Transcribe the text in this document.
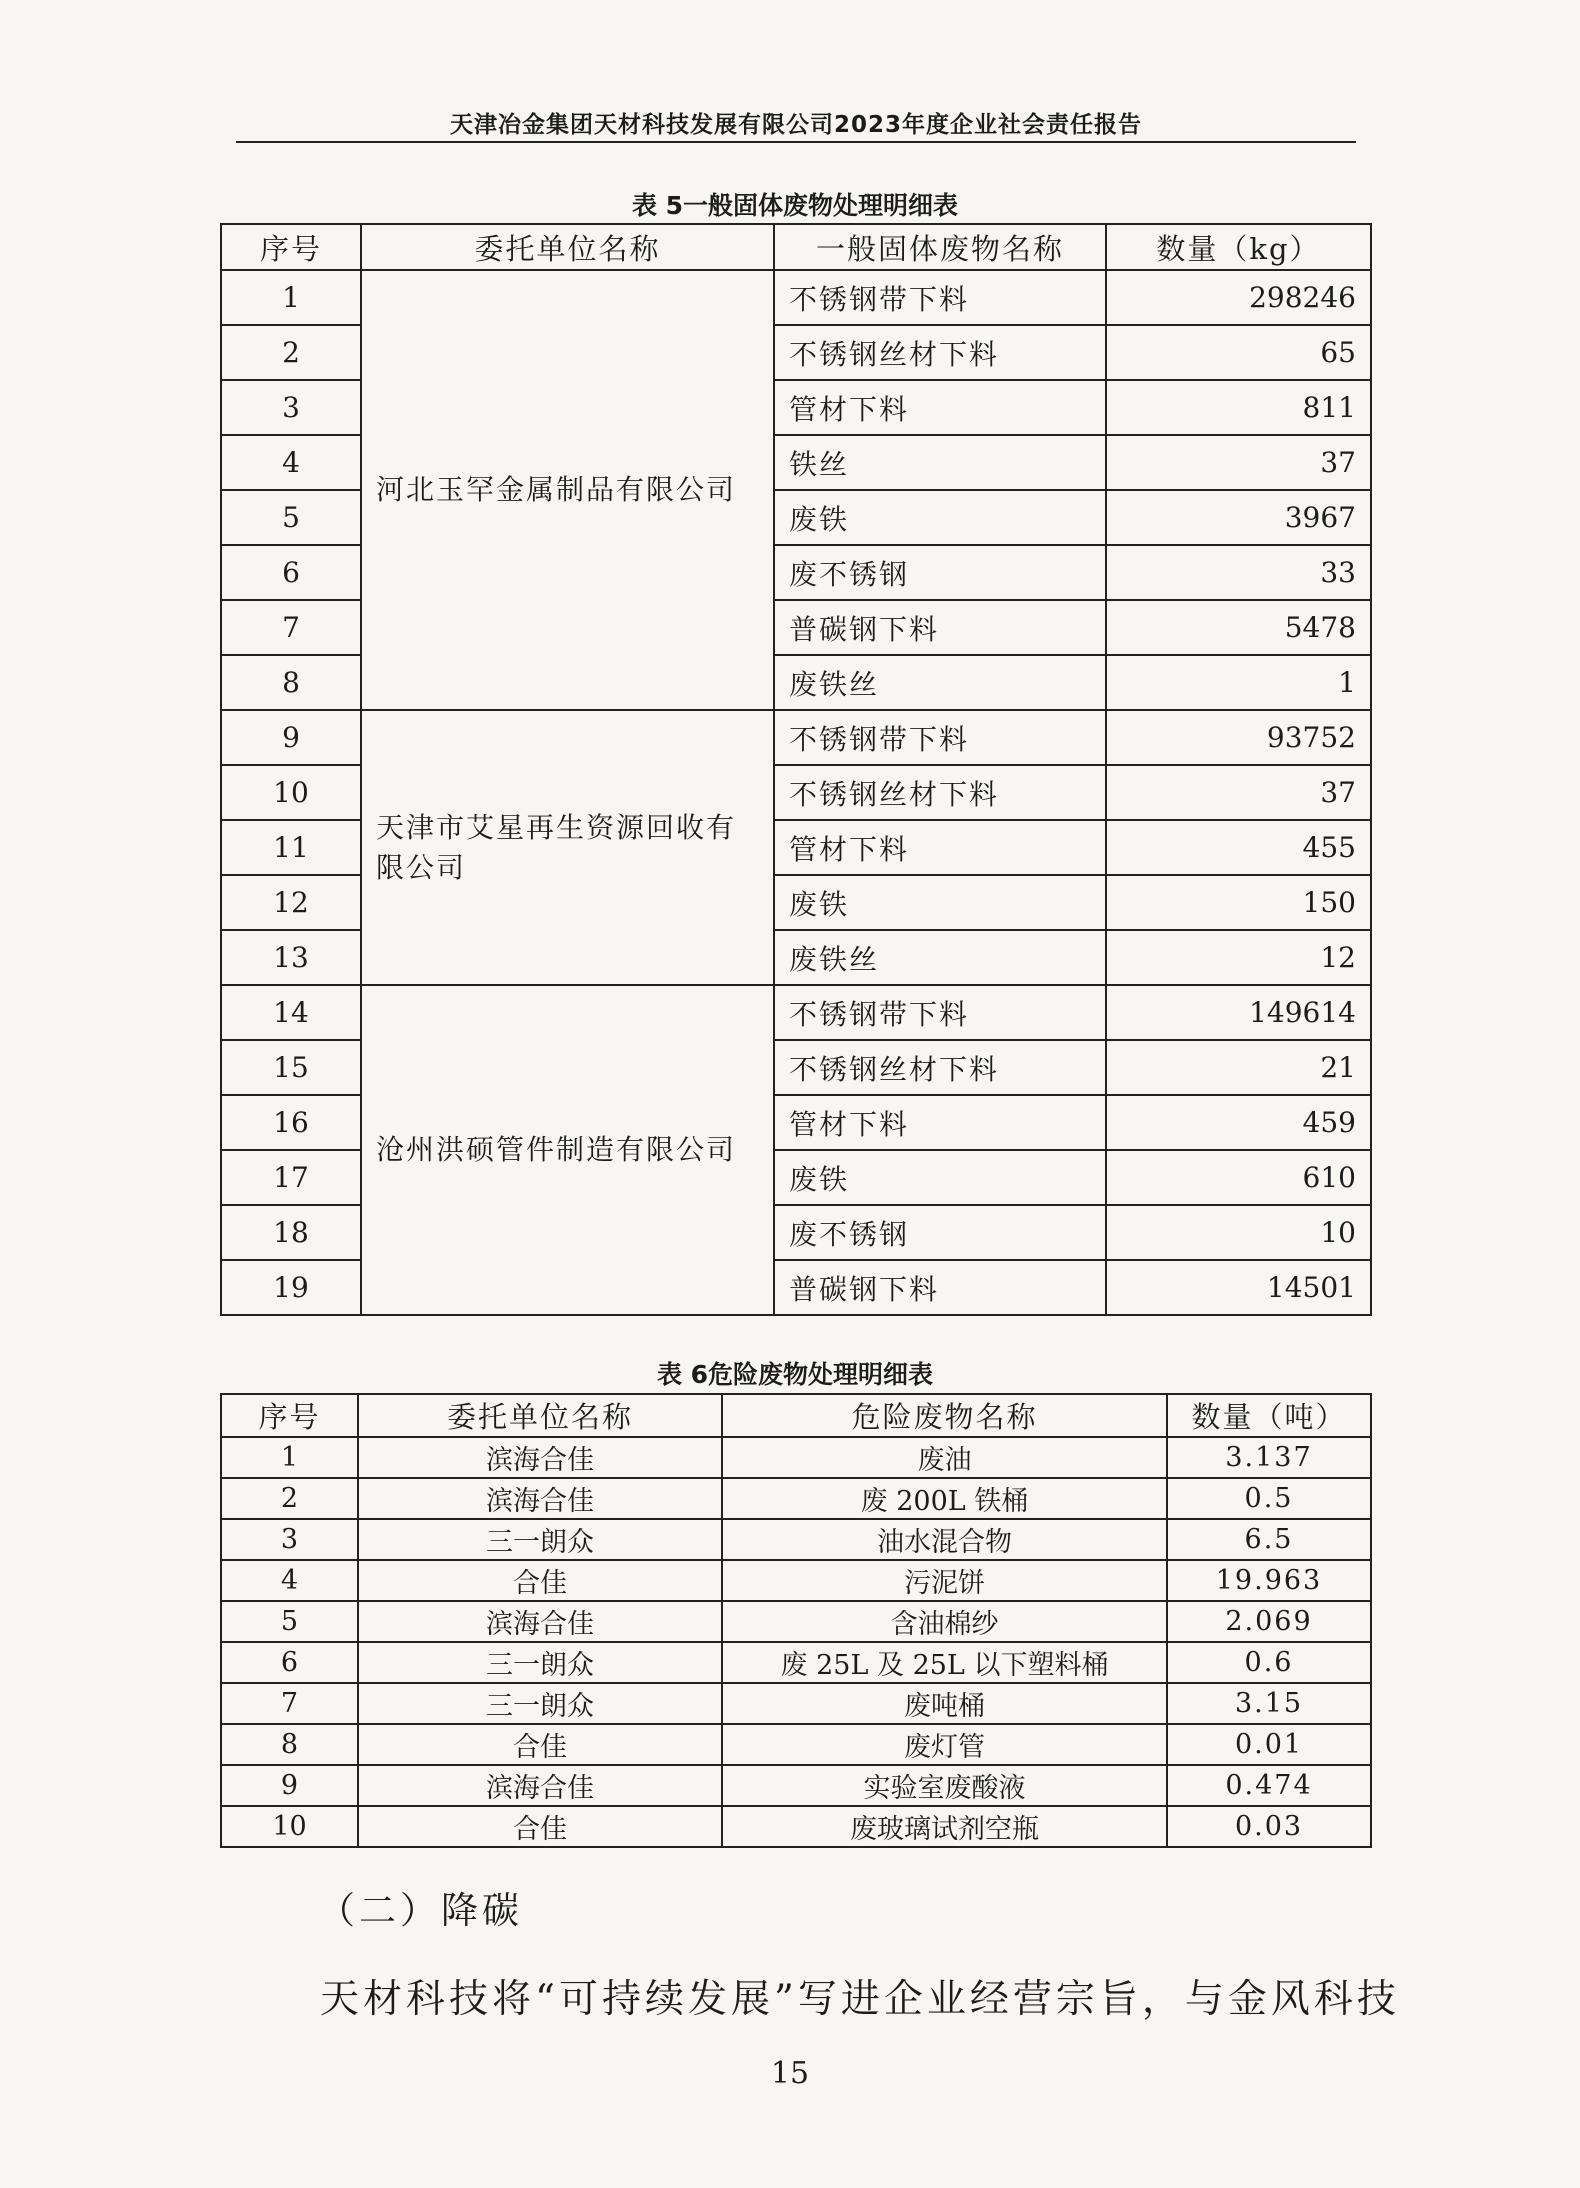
天津冶金集团天材科技发展有限公司2023年度企业社会责任报告
表 5一般固体废物处理明细表
序号	委托单位名称	一般固体废物名称	数量（kg）
1	河北玉罕金属制品有限公司	不锈钢带下料	298246
2		不锈钢丝材下料	65
3		管材下料	811
4		铁丝	37
5		废铁	3967
6		废不锈钢	33
7		普碳钢下料	5478
8		废铁丝	1
9	天津市艾星再生资源回收有限公司	不锈钢带下料	93752
10		不锈钢丝材下料	37
11		管材下料	455
12		废铁	150
13		废铁丝	12
14	沧州洪硕管件制造有限公司	不锈钢带下料	149614
15		不锈钢丝材下料	21
16		管材下料	459
17		废铁	610
18		废不锈钢	10
19		普碳钢下料	14501
表 6危险废物处理明细表
序号	委托单位名称	危险废物名称	数量（吨）
1	滨海合佳	废油	3.137
2	滨海合佳	废 200L 铁桶	0.5
3	三一朗众	油水混合物	6.5
4	合佳	污泥饼	19.963
5	滨海合佳	含油棉纱	2.069
6	三一朗众	废 25L 及 25L 以下塑料桶	0.6
7	三一朗众	废吨桶	3.15
8	合佳	废灯管	0.01
9	滨海合佳	实验室废酸液	0.474
10	合佳	废玻璃试剂空瓶	0.03
（二）降碳
天材科技将“可持续发展”写进企业经营宗旨，与金风科技
15
